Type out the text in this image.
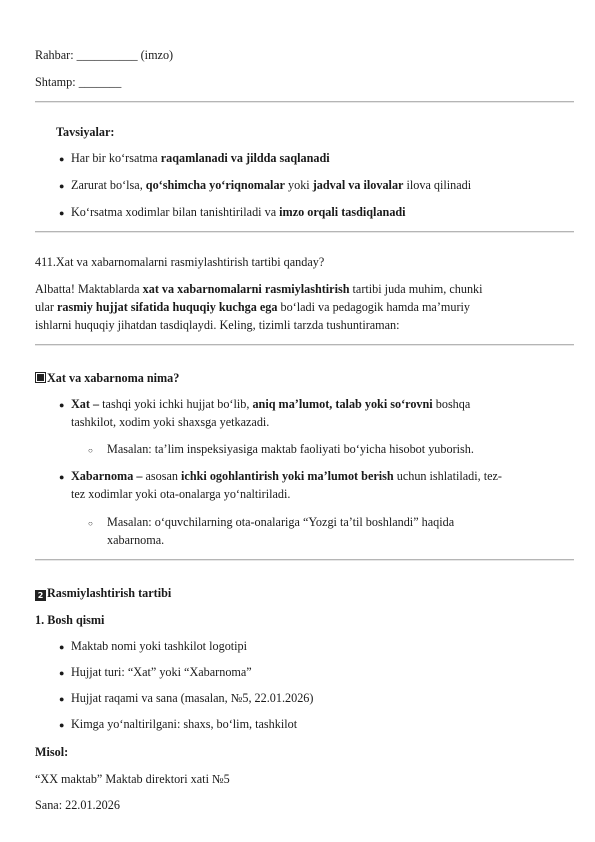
Rahbar: __________ (imzo)
Shtamp: _______
Tavsiyalar:
● Har bir ko‘rsatma raqamlanadi va jildda saqlanadi
● Zarurat bo‘lsa, qo‘shimcha yo‘riqnomalar yoki jadval va ilovalar ilova qilinadi
● Ko‘rsatma xodimlar bilan tanishtiriladi va imzo orqali tasdiqlanadi
411.Xat va xabarnomalarni rasmiylashtirish tartibi qanday?
Albatta! Maktablarda xat va xabarnomalarni rasmiylashtirish tartibi juda muhim, chunki
ular rasmiy hujjat sifatida huquqiy kuchga ega bo‘ladi va pedagogik hamda ma’muriy
ishlarni huquqiy jihatdan tasdiqlaydi. Keling, tizimli tarzda tushuntiraman:
Xat va xabarnoma nima?
● Xat – tashqi yoki ichki hujjat bo‘lib, aniq ma’lumot, talab yoki so‘rovni boshqa
tashkilot, xodim yoki shaxsga yetkazadi.
○ Masalan: ta’lim inspeksiyasiga maktab faoliyati bo‘yicha hisobot yuborish.
● Xabarnoma – asosan ichki ogohlantirish yoki ma’lumot berish uchun ishlatiladi, tez-
tez xodimlar yoki ota-onalarga yo‘naltiriladi.
○ Masalan: o‘quvchilarning ota-onalariga “Yozgi ta’til boshlandi” haqida
xabarnoma.
2 Rasmiylashtirish tartibi
1. Bosh qismi
● Maktab nomi yoki tashkilot logotipi
● Hujjat turi: “Xat” yoki “Xabarnoma”
● Hujjat raqami va sana (masalan, №5, 22.01.2026)
● Kimga yo‘naltirilgani: shaxs, bo‘lim, tashkilot
Misol:
“XX maktab” Maktab direktori xati №5
Sana: 22.01.2026
